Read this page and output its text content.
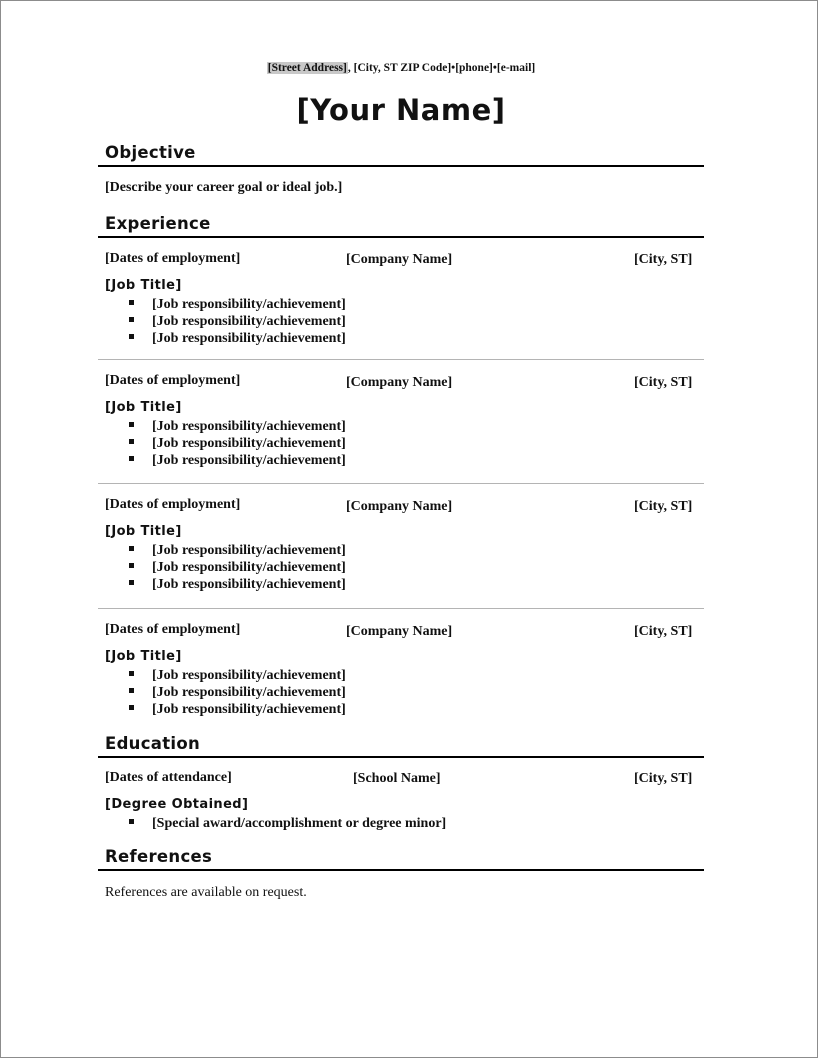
[Street Address], [City, ST ZIP Code]•[phone]•[e-mail]
[Your Name]
Objective
[Describe your career goal or ideal job.]
Experience
[Dates of employment]	[Company Name]	[City, ST]
[Job Title]
[Job responsibility/achievement]
[Job responsibility/achievement]
[Job responsibility/achievement]
[Dates of employment]	[Company Name]	[City, ST]
[Job Title]
[Job responsibility/achievement]
[Job responsibility/achievement]
[Job responsibility/achievement]
[Dates of employment]	[Company Name]	[City, ST]
[Job Title]
[Job responsibility/achievement]
[Job responsibility/achievement]
[Job responsibility/achievement]
[Dates of employment]	[Company Name]	[City, ST]
[Job Title]
[Job responsibility/achievement]
[Job responsibility/achievement]
[Job responsibility/achievement]
Education
[Dates of attendance]	[School Name]	[City, ST]
[Degree Obtained]
[Special award/accomplishment or degree minor]
References
References are available on request.
